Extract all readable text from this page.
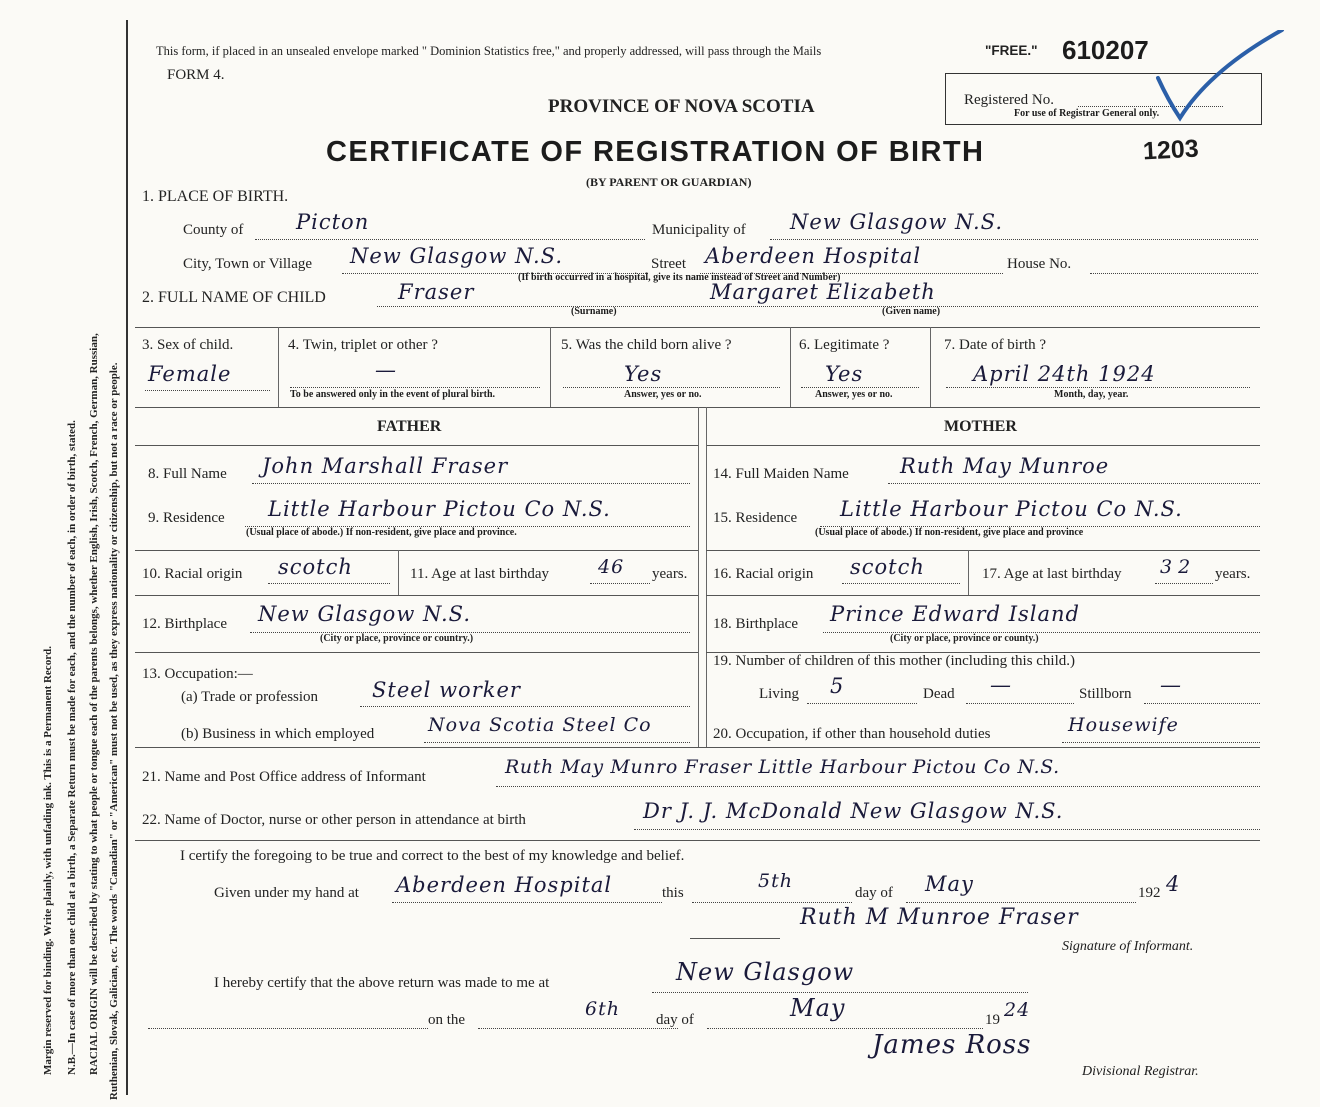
Margin reserved for binding. Write plainly, with unfading ink. This is a Permanent Record. N.B.—In case of more than one child at a birth, a Separate Return must be made for each, and the number of each, in order of birth, stated. RACIAL ORIGIN will be described by stating to what people or tongue each of the parents belongs, whether English, Irish, Scotch, French, German, Russian, Ruthenian, Slovak, Galician, etc. The words "Canadian" or "American" must not be used, as they express nationality or citizenship, but not a race or people.
This form, if placed in an unsealed envelope marked " Dominion Statistics free," and properly addressed, will pass through the Mails	"FREE." 610207
FORM 4.
PROVINCE OF NOVA SCOTIA
CERTIFICATE OF REGISTRATION OF BIRTH
(BY PARENT OR GUARDIAN)
1203
Registered No.
For use of Registrar General only.
1. PLACE OF BIRTH.
County of	Picton	Municipality of New Glasgow N.S.
City, Town or Village New Glasgow N.S.	Street Aberdeen Hospital	House No.
(If birth occurred in a hospital, give its name instead of Street and Number)
2. FULL NAME OF CHILD	Fraser	Margaret Elizabeth
(Surname)	(Given name)
3. Sex of child.
Female
4. Twin, triplet or other ?
—
To be answered only in the event of plural birth.
5. Was the child born alive ?
Yes
Answer, yes or no.
6. Legitimate ?
Yes
Answer, yes or no.
7. Date of birth ?
April 24th 1924
Month, day, year.
FATHER	MOTHER
8. Full Name John Marshall Fraser
9. Residence Little Harbour Pictou Co N.S.
(Usual place of abode.) If non-resident, give place and province.
10. Racial origin scotch	11. Age at last birthday	46 years.
12. Birthplace New Glasgow N.S.
(City or place, province or country.)
13. Occupation:—
(a) Trade or profession	Steel worker
(b) Business in which employed	Nova Scotia Steel Co
14. Full Maiden Name Ruth May Munroe
15. Residence Little Harbour Pictou Co N.S.
(Usual place of abode.) If non-resident, give place and province
16. Racial origin scotch	17. Age at last birthday 32 years.
18. Birthplace Prince Edward Island
(City or place, province or county.)
19. Number of children of this mother (including this child.)
Living 5	Dead —	Stillborn —
20. Occupation, if other than household duties	Housewife
21. Name and Post Office address of Informant	Ruth May Munro Fraser Little Harbour Pictou Co N.S.
22. Name of Doctor, nurse or other person in attendance at birth	Dr J. J. McDonald New Glasgow N.S.
I certify the foregoing to be true and correct to the best of my knowledge and belief.
Given under my hand at Aberdeen Hospital	this
5th
day of May	192 4
Ruth M Munroe Fraser
Signature of Informant.
I hereby certify that the above return was made to me at	New Glasgow
on the	6th day of	May	19 24
James Ross
Divisional Registrar.
